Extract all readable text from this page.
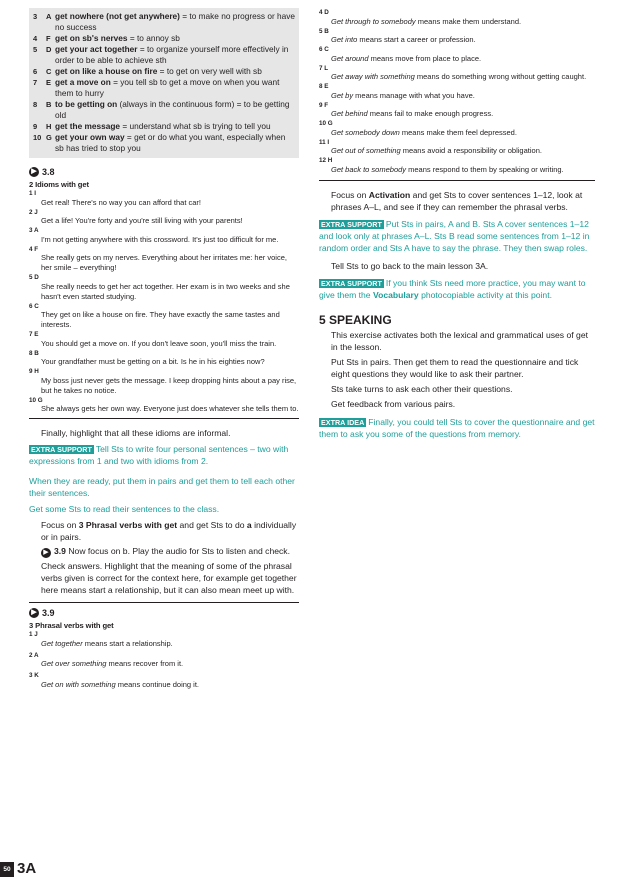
3	A get nowhere (not get anywhere) = to make no progress or have no success
4	F get on sb's nerves = to annoy sb
5	D get your act together = to organize yourself more effectively in order to be able to achieve sth
6	C get on like a house on fire = to get on very well with sb
7	E get a move on = you tell sb to get a move on when you want them to hurry
8	B to be getting on (always in the continuous form) = to be getting old
9	H get the message = understand what sb is trying to tell you
10 G get your own way = get or do what you want, especially when sb has tried to stop you
▶ 3.8
2 Idioms with get
1 I
Get real! There's no way you can afford that car!
2 J
Get a life! You're forty and you're still living with your parents!
3 A
I'm not getting anywhere with this crossword. It's just too difficult for me.
4 F
She really gets on my nerves. Everything about her irritates me: her voice, her smile – everything!
5 D
She really needs to get her act together. Her exam is in two weeks and she hasn't even started studying.
6 C
They get on like a house on fire. They have exactly the same tastes and interests.
7 E
You should get a move on. If you don't leave soon, you'll miss the train.
8 B
Your grandfather must be getting on a bit. Is he in his eighties now?
9 H
My boss just never gets the message. I keep dropping hints about a pay rise, but he takes no notice.
10 G
She always gets her own way. Everyone just does whatever she tells them to.

Finally, highlight that all these idioms are informal.

EXTRA SUPPORT Tell Sts to write four personal sentences – two with expressions from 1 and two with idioms from 2.

When they are ready, put them in pairs and get them to tell each other their sentences.

Get some Sts to read their sentences to the class.

Focus on 3 Phrasal verbs with get and get Sts to do a individually or in pairs.

▶ 3.9 Now focus on b. Play the audio for Sts to listen and check.

Check answers. Highlight that the meaning of some of the phrasal verbs given is correct for the context here, for example get together here means start a relationship, but it can also mean meet up with.

▶ 3.9
3 Phrasal verbs with get
1 J
Get together means start a relationship.
2 A
Get over something means recover from it.
3 K
Get on with something means continue doing it.
4 D
Get through to somebody means make them understand.
5 B
Get into means start a career or profession.
6 C
Get around means move from place to place.
7 L
Get away with something means do something wrong without getting caught.
8 E
Get by means manage with what you have.
9 F
Get behind means fail to make enough progress.
10 G
Get somebody down means make them feel depressed.
11 I
Get out of something means avoid a responsibility or obligation.
12 H
Get back to somebody means respond to them by speaking or writing.

Focus on Activation and get Sts to cover sentences 1–12, look at phrases A–L, and see if they can remember the phrasal verbs.

EXTRA SUPPORT Put Sts in pairs, A and B. Sts A cover sentences 1–12 and look only at phrases A–L. Sts B read some sentences from 1–12 in random order and Sts A have to say the phrase. They then swap roles.

Tell Sts to go back to the main lesson 3A.

EXTRA SUPPORT If you think Sts need more practice, you may want to give them the Vocabulary photocopiable activity at this point.

5 SPEAKING

This exercise activates both the lexical and grammatical uses of get in the lesson.

Put Sts in pairs. Then get them to read the questionnaire and tick eight questions they would like to ask their partner.

Sts take turns to ask each other their questions.

Get feedback from various pairs.

EXTRA IDEA Finally, you could tell Sts to cover the questionnaire and get them to ask you some of the questions from memory.

50 3A
